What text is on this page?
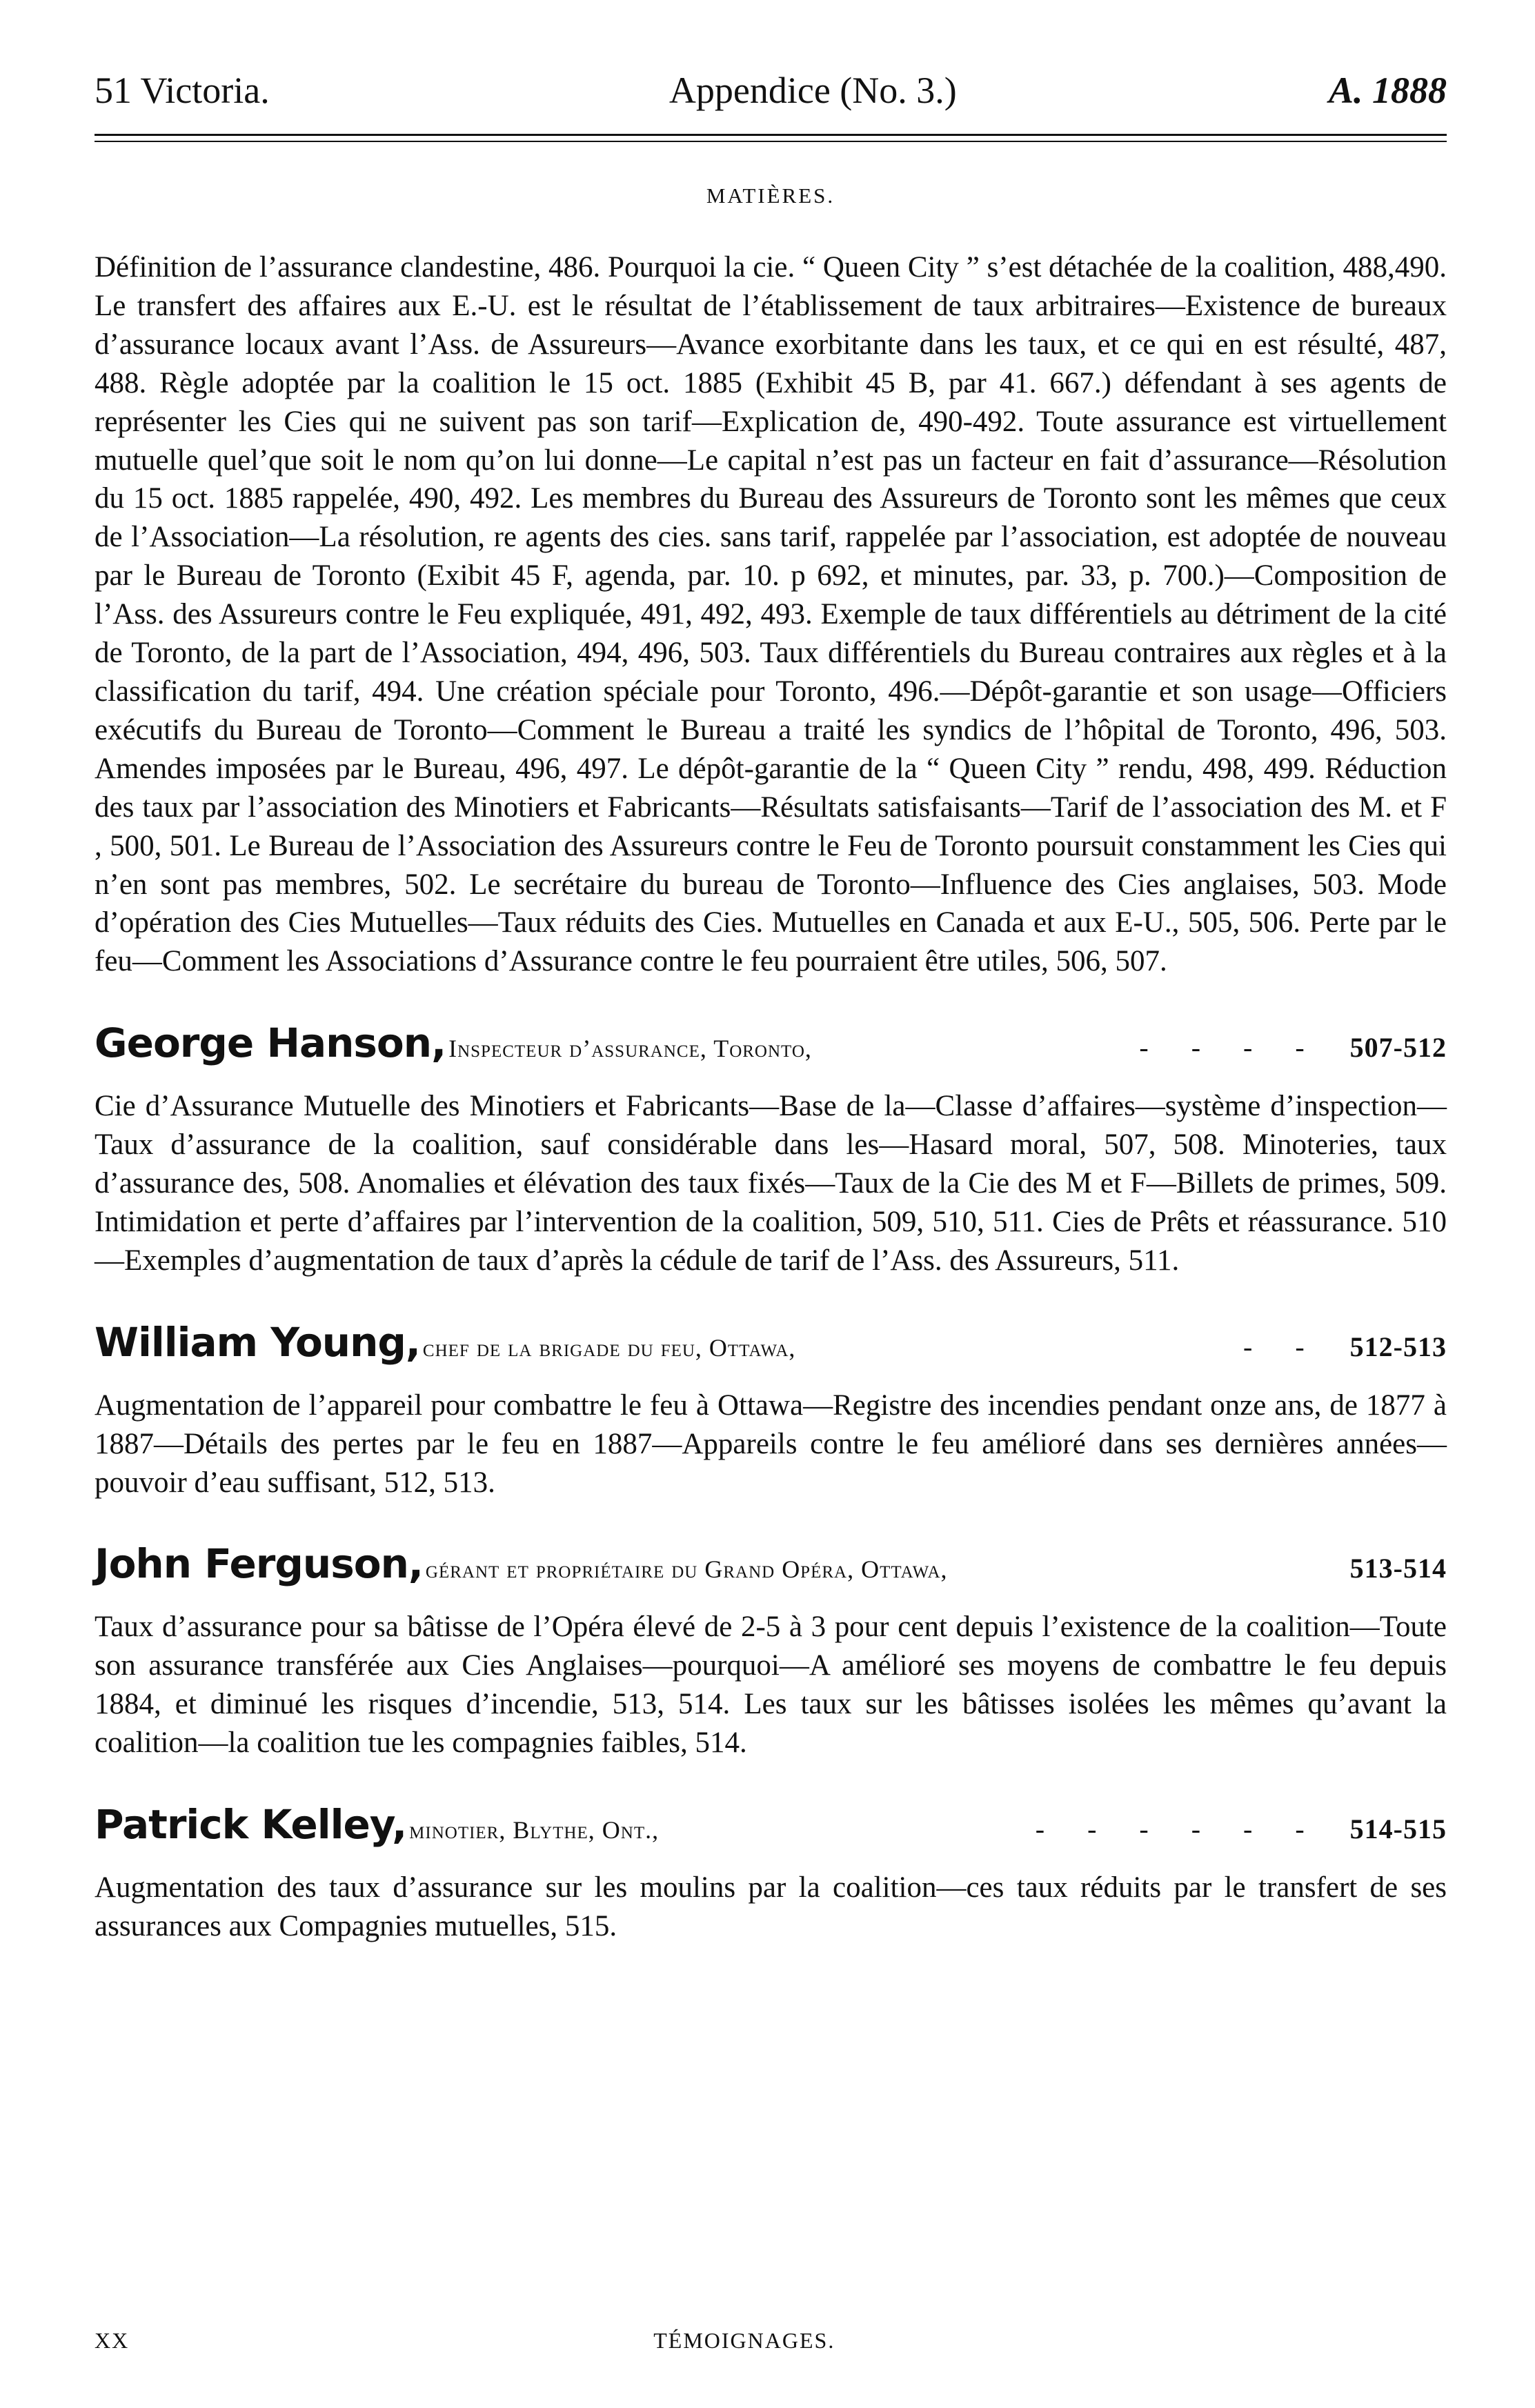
51 Victoria.	Appendice (No. 3.)	A. 1888
MATIÈRES.

Définition de l’assurance clandestine, 486. Pourquoi la cie. “ Queen City ” s’est détachée de la coalition, 488,490. Le transfert des affaires aux E.-U. est le résultat de l’établissement de taux arbitraires—Existence de bureaux d’assurance locaux avant l’Ass. de Assureurs—Avance exorbitante dans les taux, et ce qui en est résulté, 487, 488. Règle adoptée par la coalition le 15 oct. 1885 (Exhibit 45 B, par 41. 667.) défendant à ses agents de représenter les Cies qui ne suivent pas son tarif—Explication de, 490-492. Toute assurance est virtuellement mutuelle quel’que soit le nom qu’on lui donne—Le capital n’est pas un facteur en fait d’assurance—Résolution du 15 oct. 1885 rappelée, 490, 492. Les membres du Bureau des Assureurs de Toronto sont les mêmes que ceux de l’Association—La résolution, re agents des cies. sans tarif, rappelée par l’association, est adoptée de nouveau par le Bureau de Toronto (Exibit 45 F, agenda, par. 10. p 692, et minutes, par. 33, p. 700.)—Composition de l’Ass. des Assureurs contre le Feu expliquée, 491, 492, 493. Exemple de taux différentiels au détriment de la cité de Toronto, de la part de l’Association, 494, 496, 503. Taux différentiels du Bureau contraires aux règles et à la classification du tarif, 494. Une création spéciale pour Toronto, 496.—Dépôt-garantie et son usage—Officiers exécutifs du Bureau de Toronto—Comment le Bureau a traité les syndics de l’hôpital de Toronto, 496, 503. Amendes imposées par le Bureau, 496, 497. Le dépôt-garantie de la “ Queen City ” rendu, 498, 499. Réduction des taux par l’association des Minotiers et Fabricants—Résultats satisfaisants—Tarif de l’association des M. et F , 500, 501. Le Bureau de l’Association des Assureurs contre le Feu de Toronto poursuit constamment les Cies qui n’en sont pas membres, 502. Le secrétaire du bureau de Toronto—Influence des Cies anglaises, 503. Mode d’opération des Cies Mutuelles—Taux réduits des Cies. Mutuelles en Canada et aux E-U., 505, 506. Perte par le feu—Comment les Associations d’Assurance contre le feu pourraient être utiles, 506, 507.

George Hanson, Inspecteur d’assurance, Toronto,	- - - -	507-512

Cie d’Assurance Mutuelle des Minotiers et Fabricants—Base de la—Classe d’affaires—système d’inspection—Taux d’assurance de la coalition, sauf considérable dans les—Hasard moral, 507, 508. Minoteries, taux d’assurance des, 508. Anomalies et élévation des taux fixés—Taux de la Cie des M et F—Billets de primes, 509. Intimidation et perte d’affaires par l’intervention de la coalition, 509, 510, 511. Cies de Prêts et réassurance. 510—Exemples d’augmentation de taux d’après la cédule de tarif de l’Ass. des Assureurs, 511.

William Young, chef de la brigade du feu, Ottawa,	- -	512-513

Augmentation de l’appareil pour combattre le feu à Ottawa—Registre des incendies pendant onze ans, de 1877 à 1887—Détails des pertes par le feu en 1887—Appareils contre le feu amélioré dans ses dernières années—pouvoir d’eau suffisant, 512, 513.

John Ferguson, gérant et propriétaire du Grand Opéra, Ottawa,	513-514

Taux d’assurance pour sa bâtisse de l’Opéra élevé de 2-5 à 3 pour cent depuis l’existence de la coalition—Toute son assurance transférée aux Cies Anglaises—pourquoi—A amélioré ses moyens de combattre le feu depuis 1884, et diminué les risques d’incendie, 513, 514. Les taux sur les bâtisses isolées les mêmes qu’avant la coalition—la coalition tue les compagnies faibles, 514.

Patrick Kelley, minotier, Blythe, Ont.,	- - - - - -	514-515

Augmentation des taux d’assurance sur les moulins par la coalition—ces taux réduits par le transfert de ses assurances aux Compagnies mutuelles, 515.

XX	TÉMOIGNAGES.
